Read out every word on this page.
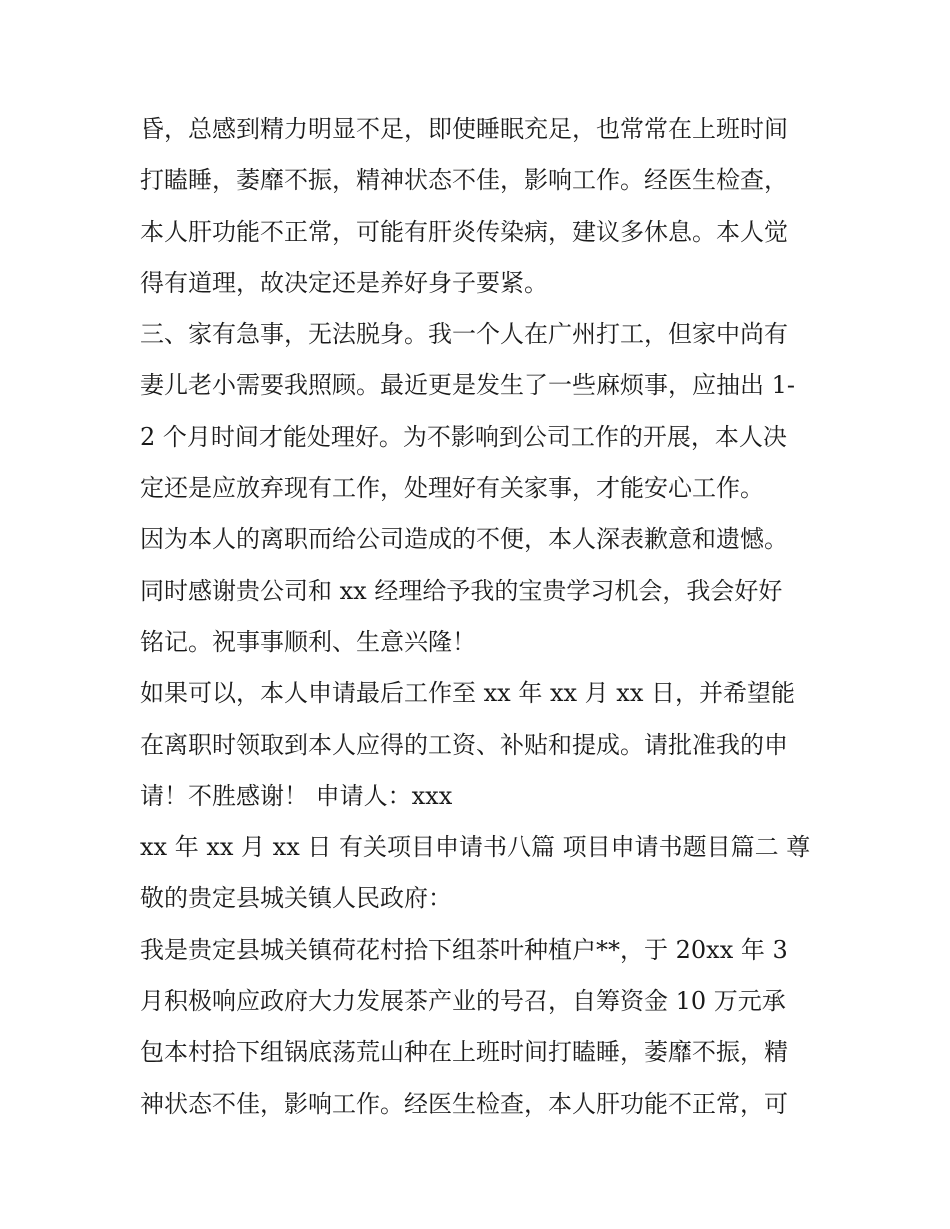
昏，总感到精力明显不足，即使睡眠充足，也常常在上班时间
打瞌睡，萎靡不振，精神状态不佳，影响工作。经医生检查，
本人肝功能不正常，可能有肝炎传染病，建议多休息。本人觉
得有道理，故决定还是养好身子要紧。
三、家有急事，无法脱身。我一个人在广州打工，但家中尚有
妻儿老小需要我照顾。最近更是发生了一些麻烦事，应抽出 1-
2 个月时间才能处理好。为不影响到公司工作的开展，本人决
定还是应放弃现有工作，处理好有关家事，才能安心工作。
因为本人的离职而给公司造成的不便，本人深表歉意和遗憾。
同时感谢贵公司和 xx 经理给予我的宝贵学习机会，我会好好
铭记。祝事事顺利、生意兴隆！
如果可以，本人申请最后工作至 xx 年 xx 月 xx 日，并希望能
在离职时领取到本人应得的工资、补贴和提成。请批准我的申
请！不胜感谢！ 申请人：xxx
xx 年 xx 月 xx 日 有关项目申请书八篇 项目申请书题目篇二 尊
敬的贵定县城关镇人民政府：
我是贵定县城关镇荷花村拾下组茶叶种植户**，于 20xx 年 3
月积极响应政府大力发展茶产业的号召，自筹资金 10 万元承
包本村拾下组锅底荡荒山种在上班时间打瞌睡，萎靡不振，精
神状态不佳，影响工作。经医生检查，本人肝功能不正常，可
